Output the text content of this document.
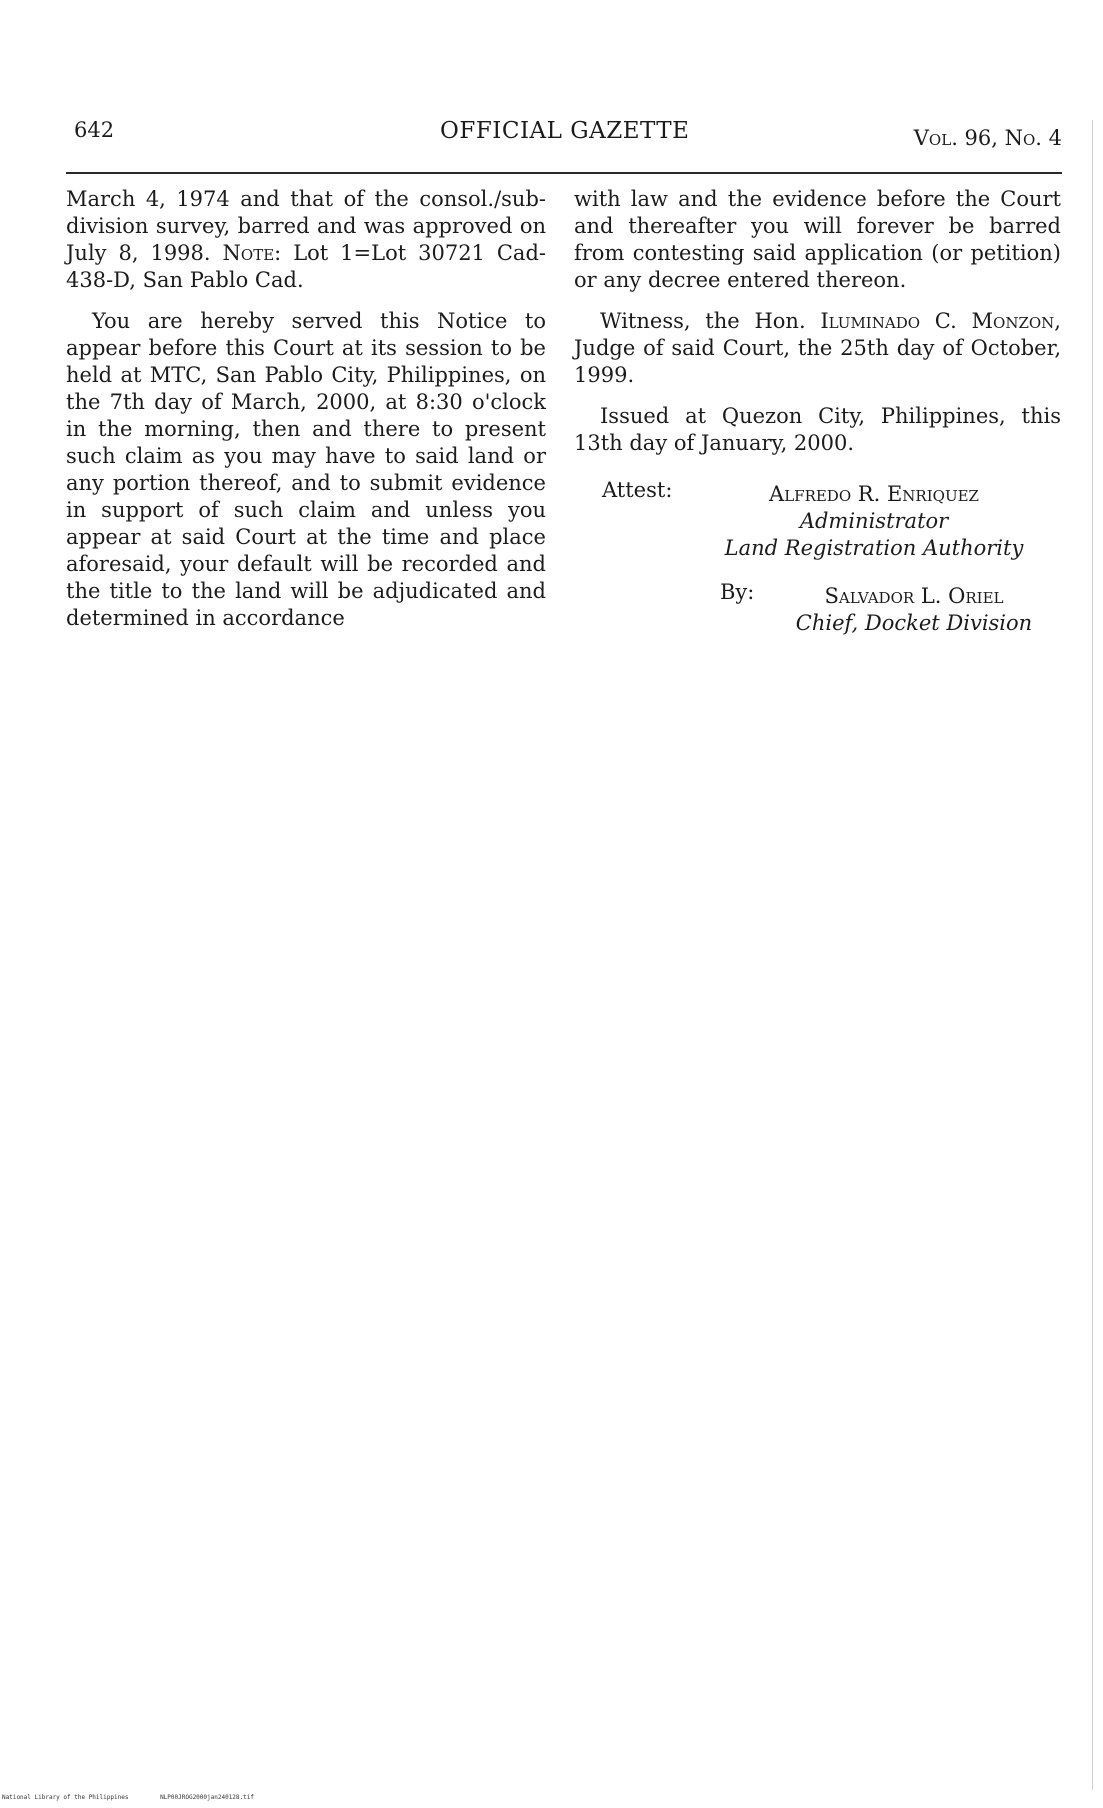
642	OFFICIAL GAZETTE	Vol. 96, No. 4

March 4, 1974 and that of the consol./sub-division survey, barred and was approved on July 8, 1998. Note: Lot 1=Lot 30721 Cad-438-D, San Pablo Cad.

You are hereby served this Notice to appear before this Court at its session to be held at MTC, San Pablo City, Philippines, on the 7th day of March, 2000, at 8:30 o'clock in the morning, then and there to present such claim as you may have to said land or any portion thereof, and to submit evidence in support of such claim and unless you appear at said Court at the time and place aforesaid, your default will be recorded and the title to the land will be adjudicated and determined in accordance

with law and the evidence before the Court and thereafter you will forever be barred from contesting said application (or petition) or any decree entered thereon.

Witness, the Hon. Iluminado C. Monzon, Judge of said Court, the 25th day of October, 1999.

Issued at Quezon City, Philippines, this 13th day of January, 2000.

Attest:	Alfredo R. Enriquez
Administrator
Land Registration Authority
By:	Salvador L. Oriel
Chief, Docket Division
National Library of the Philippines	NLP00JROG2000jan240128.tif
